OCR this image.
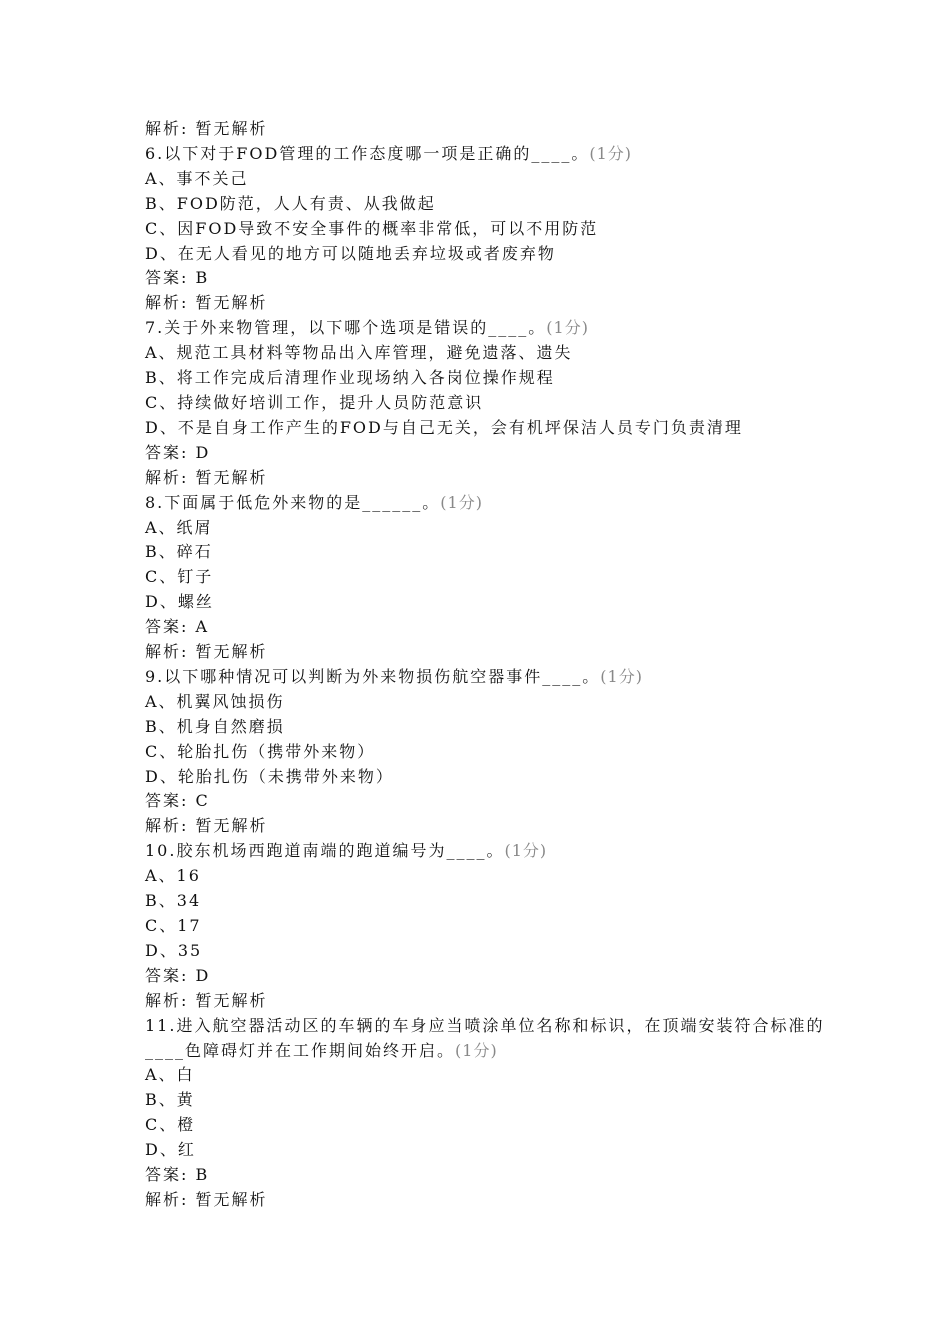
解析: 暂无解析
6.以下对于FOD管理的工作态度哪一项是正确的____。(1分)
A、事不关己
B、FOD防范，人人有责、从我做起
C、因FOD导致不安全事件的概率非常低，可以不用防范
D、在无人看见的地方可以随地丢弃垃圾或者废弃物
答案: B
解析: 暂无解析
7.关于外来物管理，以下哪个选项是错误的____。(1分)
A、规范工具材料等物品出入库管理，避免遗落、遗失
B、将工作完成后清理作业现场纳入各岗位操作规程
C、持续做好培训工作，提升人员防范意识
D、不是自身工作产生的FOD与自己无关，会有机坪保洁人员专门负责清理
答案: D
解析: 暂无解析
8.下面属于低危外来物的是______。(1分)
A、纸屑
B、碎石
C、钉子
D、螺丝
答案: A
解析: 暂无解析
9.以下哪种情况可以判断为外来物损伤航空器事件____。(1分)
A、机翼风蚀损伤
B、机身自然磨损
C、轮胎扎伤（携带外来物）
D、轮胎扎伤（未携带外来物）
答案: C
解析: 暂无解析
10.胶东机场西跑道南端的跑道编号为____。(1分)
A、16
B、34
C、17
D、35
答案: D
解析: 暂无解析
11.进入航空器活动区的车辆的车身应当喷涂单位名称和标识，在顶端安装符合标准的____色障碍灯并在工作期间始终开启。(1分)
A、白
B、黄
C、橙
D、红
答案: B
解析: 暂无解析
